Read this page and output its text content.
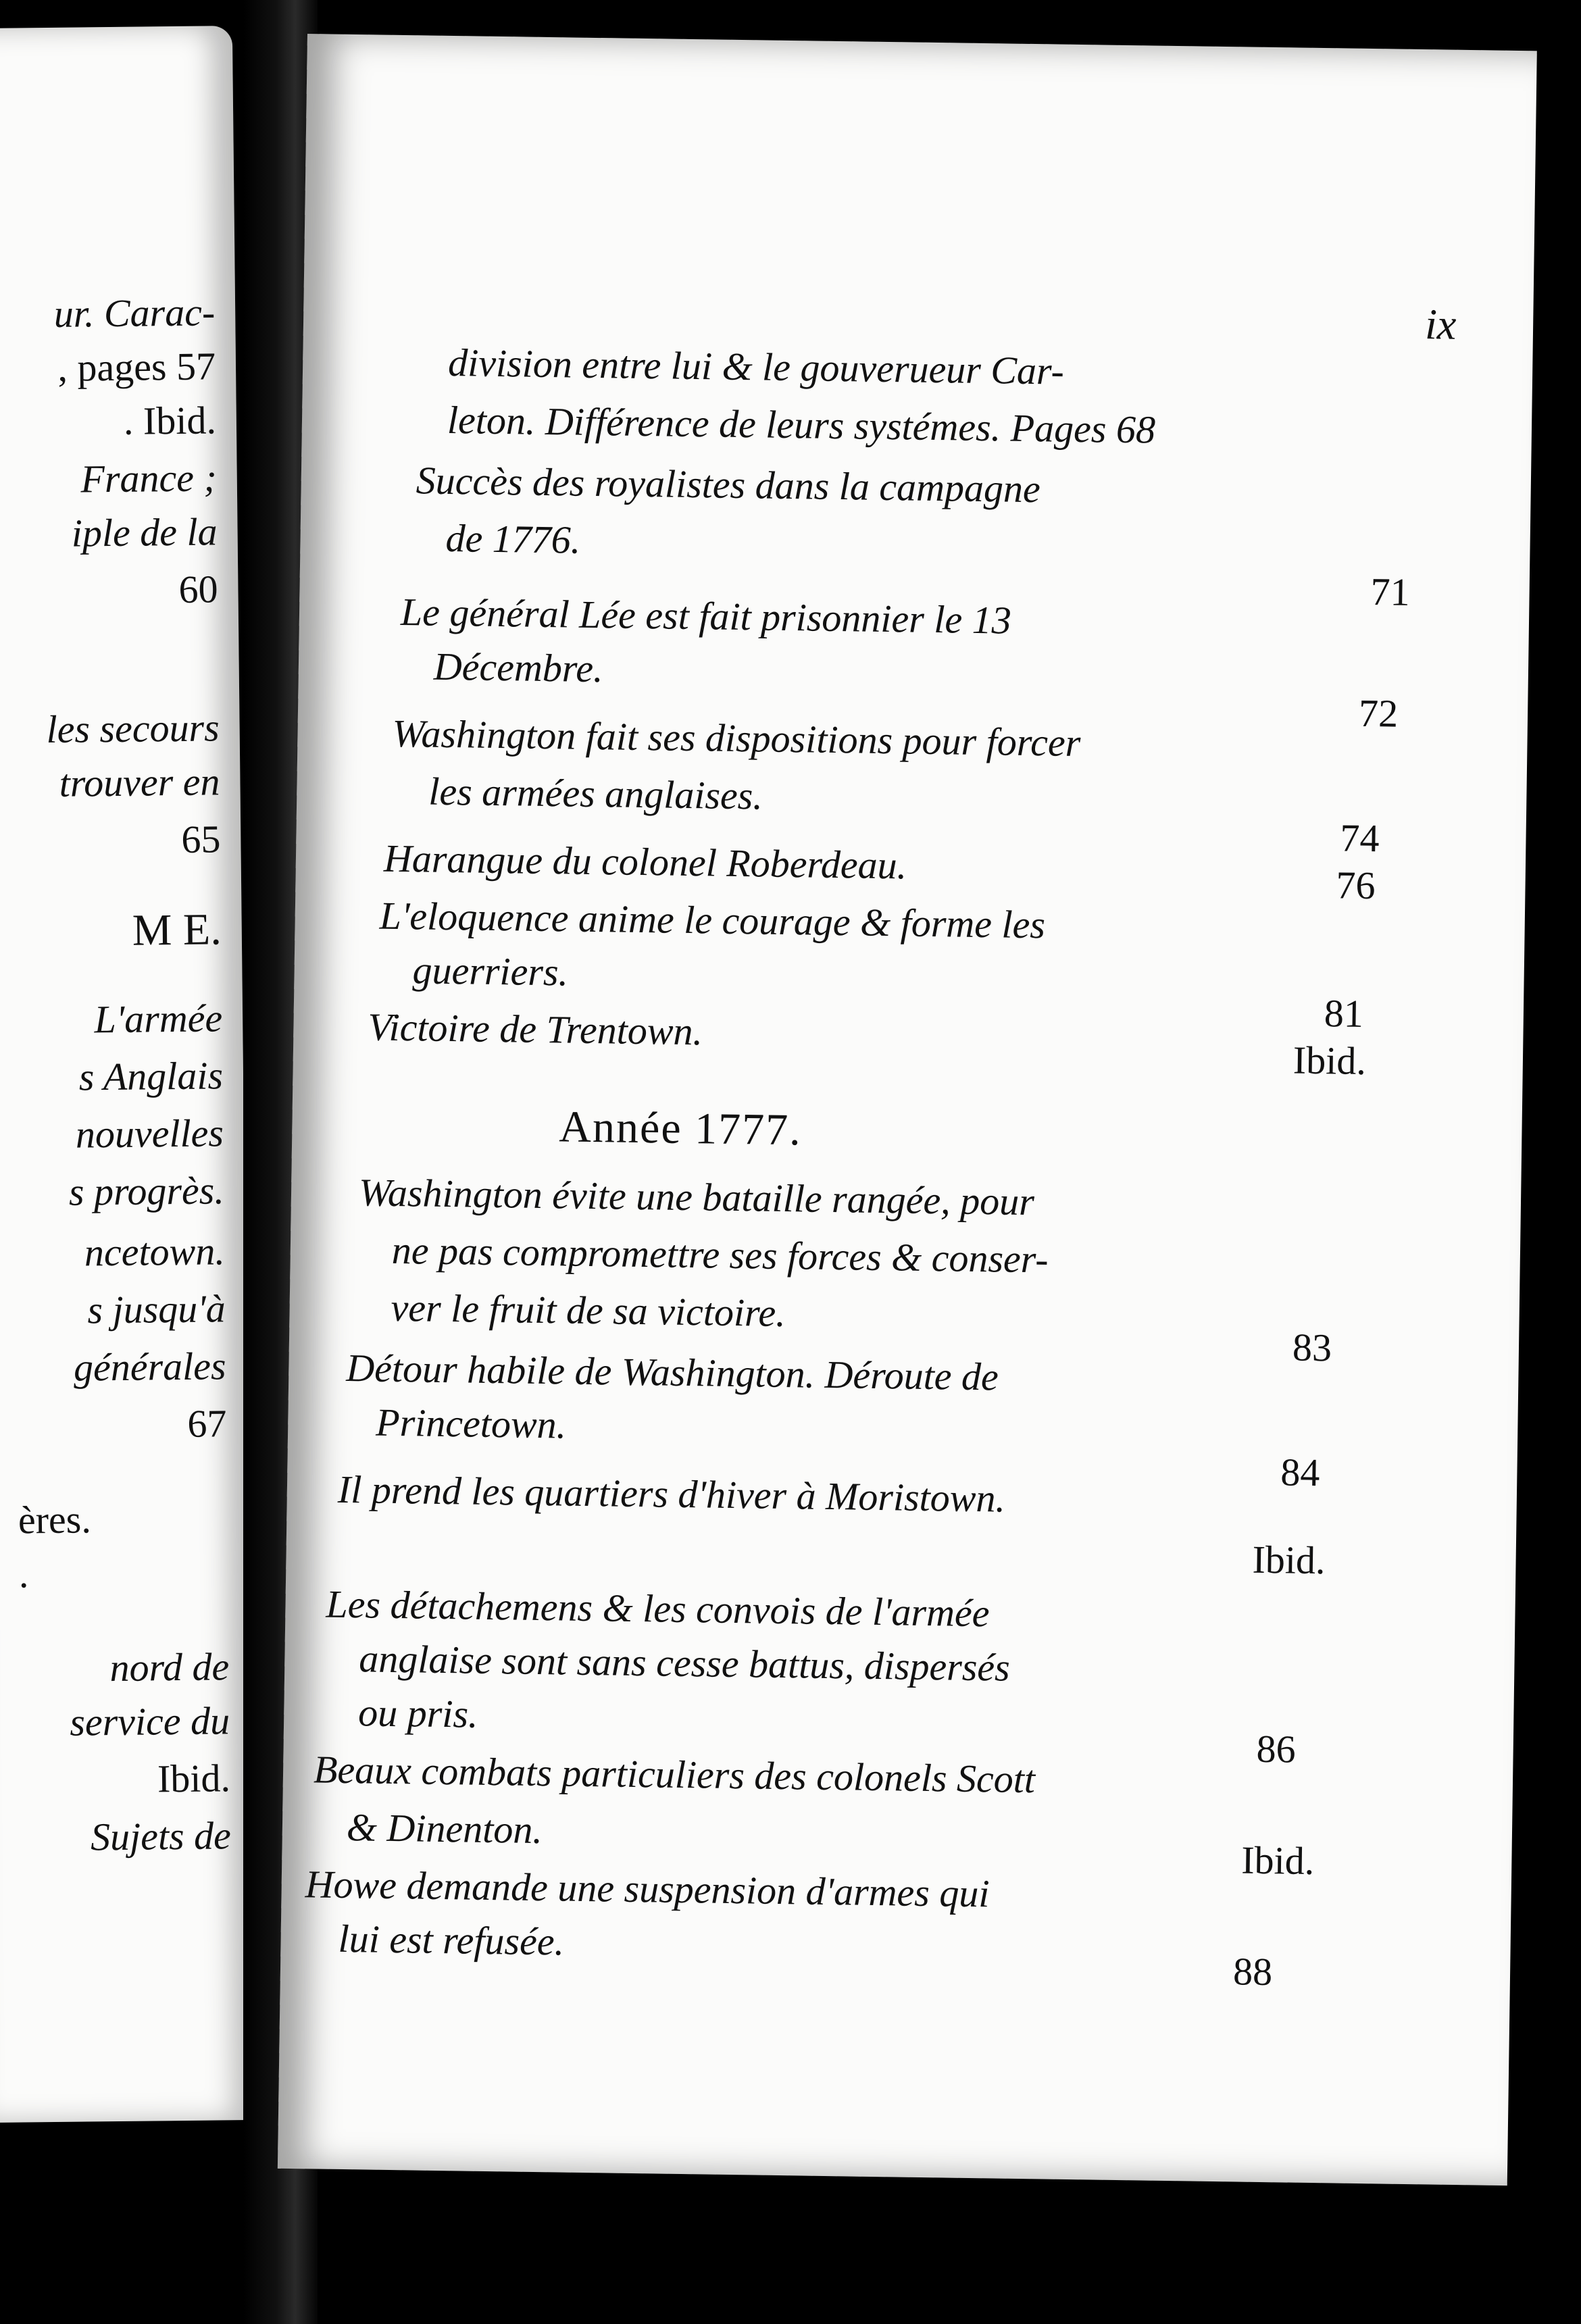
ur. Carac-
, pages 57
. Ibid.
France ;
iple de la
60
les secours
trouver en
65
M E.
L'armée
s Anglais
nouvelles
s progrès.
ncetown.
s jusqu'à
générales
67
ères.
.
nord de
service du
Ibid.
Sujets de
ix
division entre lui & le gouverueur Car-
leton. Différence de leurs systémes. Pages 68
Succès des royalistes dans la campagne
de 1776.
71
Le général Lée est fait prisonnier le 13
Décembre.
72
Washington fait ses dispositions pour forcer
les armées anglaises.
74
Harangue du colonel Roberdeau.	76
L'eloquence anime le courage & forme les
guerriers.
81
Victoire de Trentown.
Ibid.
Année 1777.
Washington évite une bataille rangée, pour
ne pas compromettre ses forces & conser-
ver le fruit de sa victoire.
83
Détour habile de Washington. Déroute de
Princetown.
84
Il prend les quartiers d'hiver à Moristown.
Ibid.
Les détachemens & les convois de l'armée
anglaise sont sans cesse battus, dispersés
ou pris.
86
Beaux combats particuliers des colonels Scott
& Dinenton.
Ibid.
Howe demande une suspension d'armes qui
lui est refusée.
88
